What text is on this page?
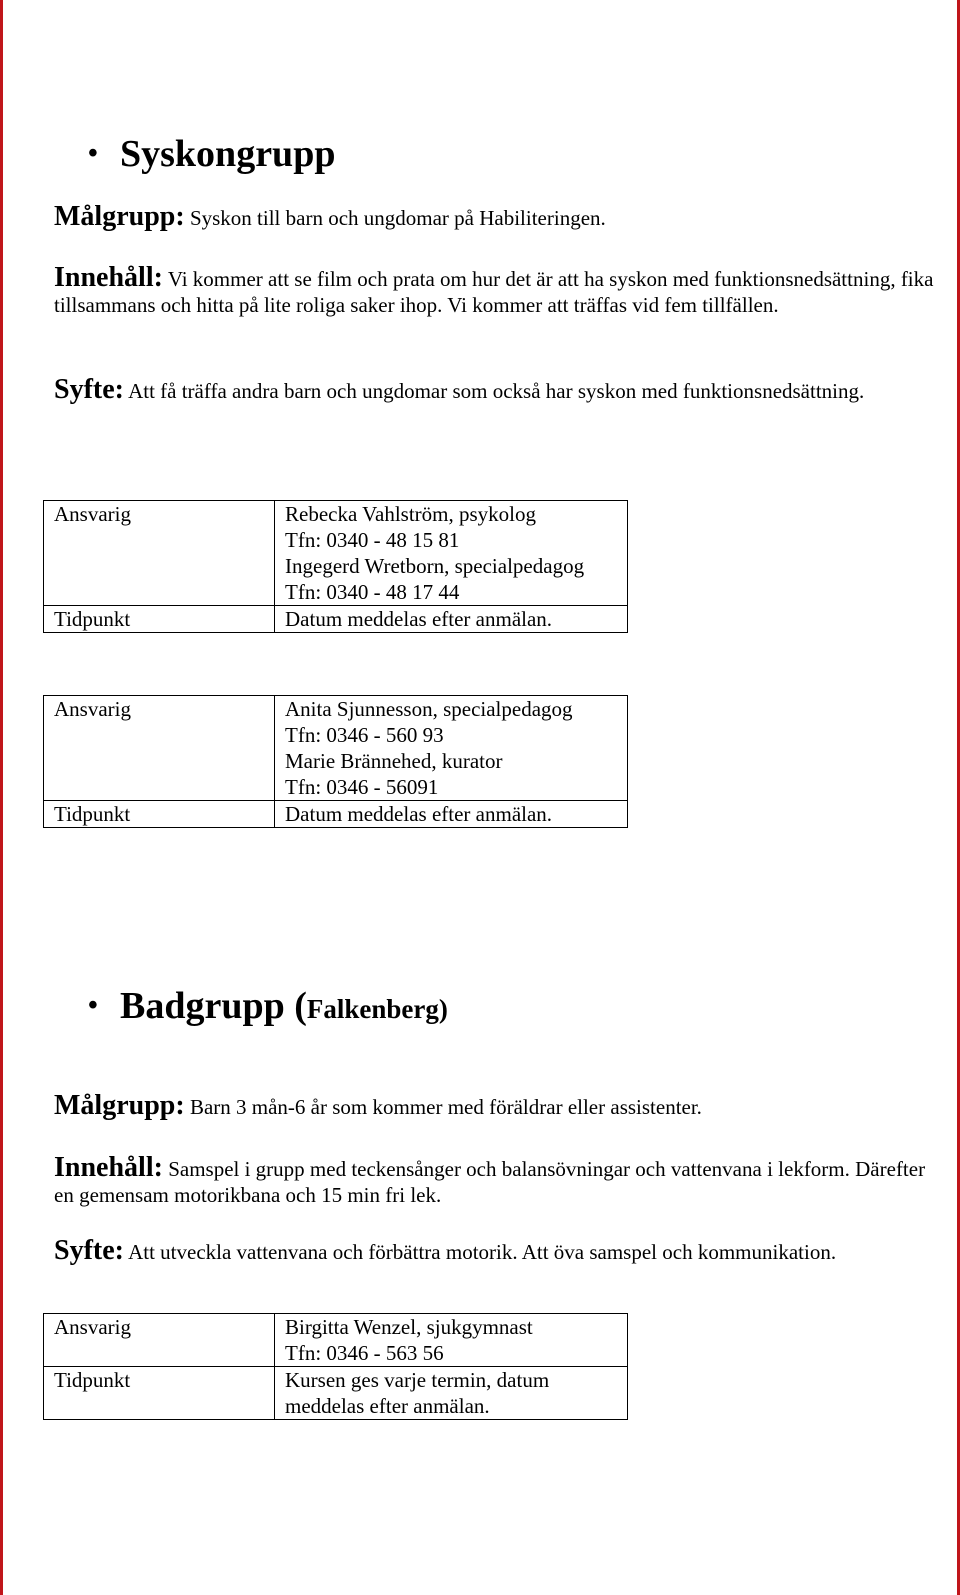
• Syskongrupp
Målgrupp: Syskon till barn och ungdomar på Habiliteringen.
Innehåll: Vi kommer att se film och prata om hur det är att ha syskon med funktionsnedsättning, fika tillsammans och hitta på lite roliga saker ihop. Vi kommer att träffas vid fem tillfällen.
Syfte: Att få träffa andra barn och ungdomar som också har syskon med funktionsnedsättning.
Ansvarig	Rebecka Vahlström, psykolog
Tfn: 0340 - 48 15 81
Ingegerd Wretborn, specialpedagog
Tfn: 0340 - 48 17 44

Tidpunkt	Datum meddelas efter anmälan.
Ansvarig	Anita Sjunnesson, specialpedagog
Tfn: 0346 - 560 93
Marie Brännehed, kurator
Tfn: 0346 - 56091

Tidpunkt	Datum meddelas efter anmälan.
• Badgrupp (Falkenberg)
Målgrupp: Barn 3 mån-6 år som kommer med föräldrar eller assistenter.
Innehåll: Samspel i grupp med teckensånger och balansövningar och vattenvana i lekform. Därefter en gemensam motorikbana och 15 min fri lek.
Syfte: Att utveckla vattenvana och förbättra motorik. Att öva samspel och kommunikation.
Ansvarig	Birgitta Wenzel, sjukgymnast
Tfn: 0346 - 563 56

Tidpunkt	Kursen ges varje termin, datum
meddelas efter anmälan.
